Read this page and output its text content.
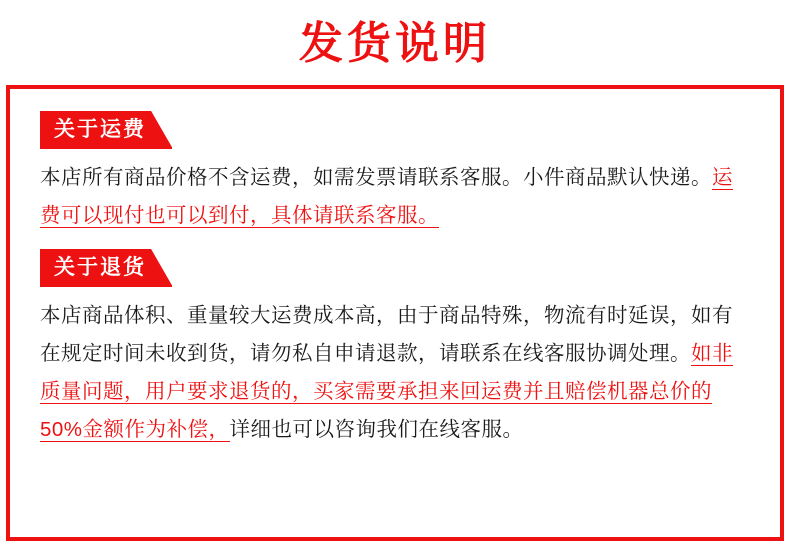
发货说明
关于运费
本店所有商品价格不含运费，如需发票请联系客服。小件商品默认快递。运费可以现付也可以到付，具体请联系客服。
关于退货
本店商品体积、重量较大运费成本高，由于商品特殊，物流有时延误，如有在规定时间未收到货，请勿私自申请退款，请联系在线客服协调处理。如非质量问题，用户要求退货的，买家需要承担来回运费并且赔偿机器总价的50%金额作为补偿，详细也可以咨询我们在线客服。
